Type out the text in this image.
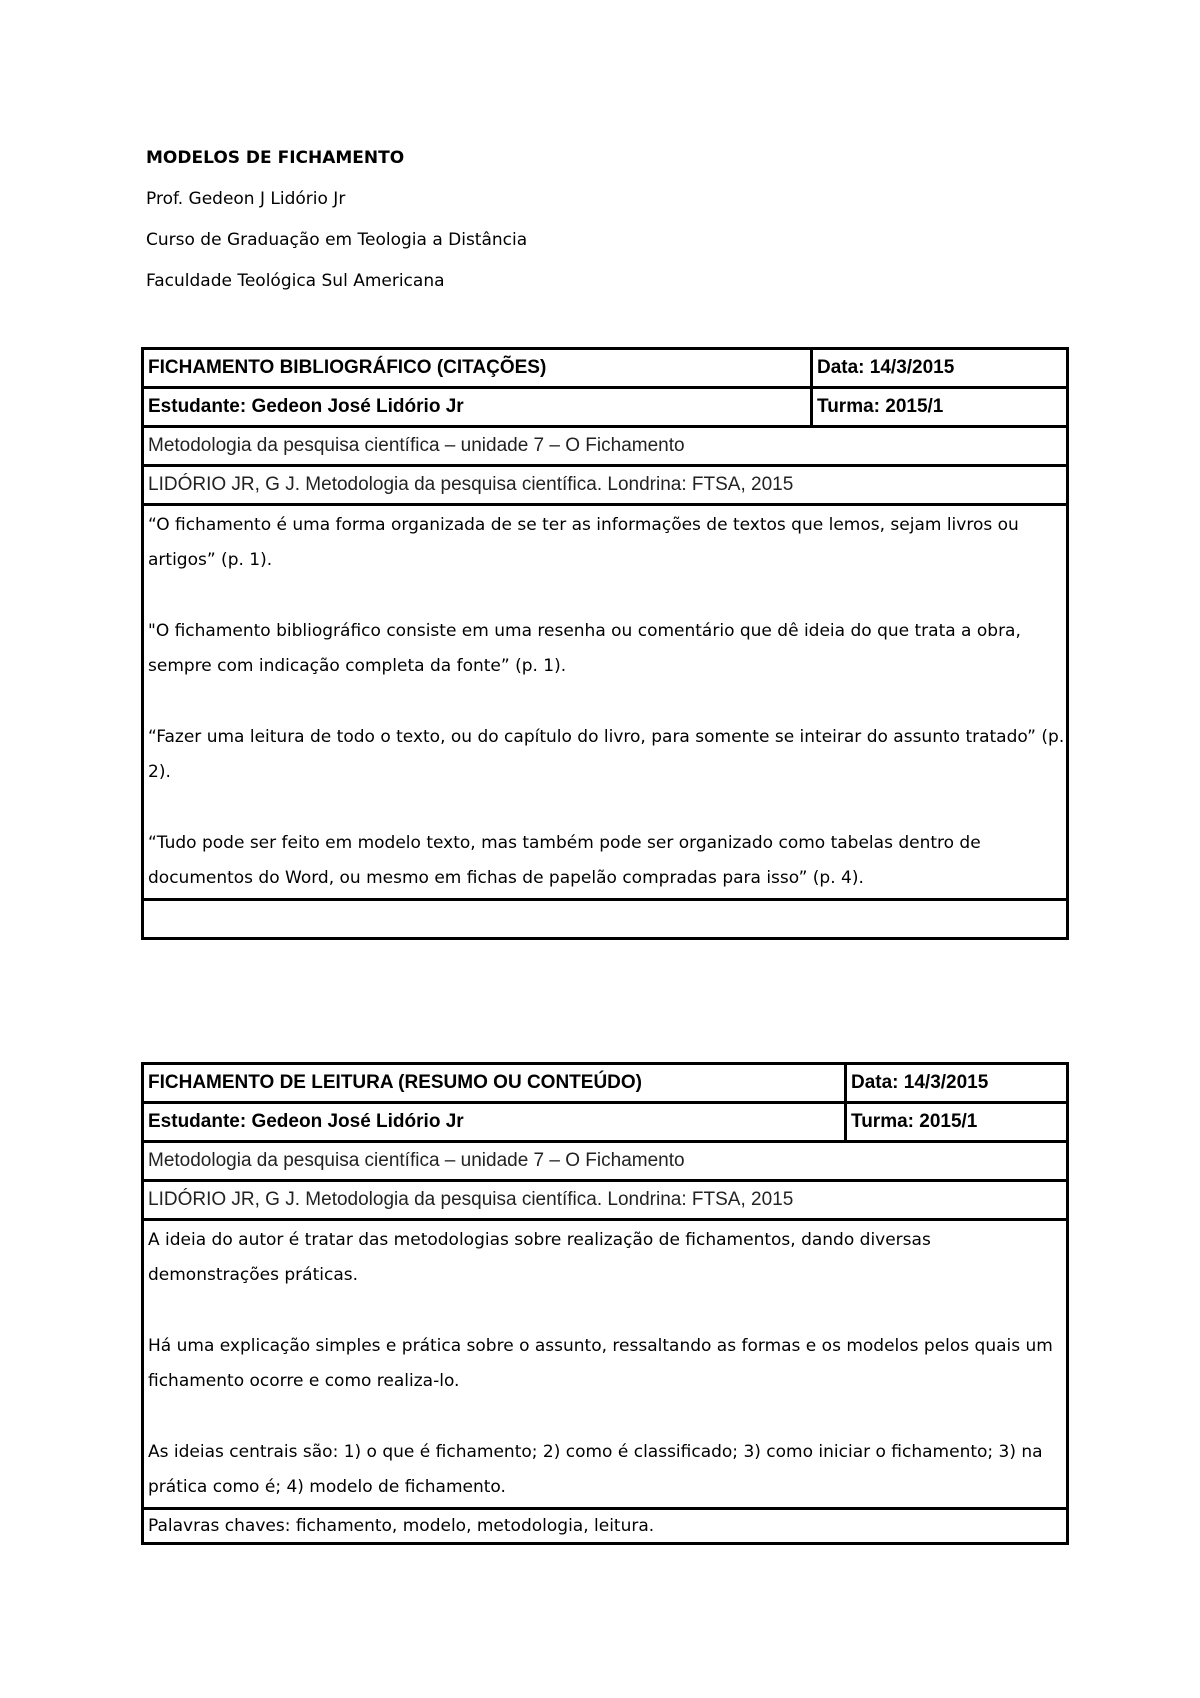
MODELOS DE FICHAMENTO
Prof. Gedeon J Lidório Jr
Curso de Graduação em Teologia a Distância
Faculdade Teológica Sul Americana
FICHAMENTO BIBLIOGRÁFICO (CITAÇÕES)	Data: 14/3/2015
Estudante: Gedeon José Lidório Jr	Turma: 2015/1
Metodologia da pesquisa científica – unidade 7 – O Fichamento	
LIDÓRIO JR, G J. Metodologia da pesquisa científica. Londrina: FTSA, 2015	

“O fichamento é uma forma organizada de se ter as informações de textos que lemos, sejam livros ou artigos” (p. 1).
"O fichamento bibliográfico consiste em uma resenha ou comentário que dê ideia do que trata a obra, sempre com indicação completa da fonte” (p. 1).
“Fazer uma leitura de todo o texto, ou do capítulo do livro, para somente se inteirar do assunto tratado” (p. 2).
“Tudo pode ser feito em modelo texto, mas também pode ser organizado como tabelas dentro de documentos do Word, ou mesmo em fichas de papelão compradas para isso” (p. 4).	

FICHAMENTO DE LEITURA (RESUMO OU CONTEÚDO)	Data: 14/3/2015
Estudante: Gedeon José Lidório Jr	Turma: 2015/1
Metodologia da pesquisa científica – unidade 7 – O Fichamento	
LIDÓRIO JR, G J. Metodologia da pesquisa científica. Londrina: FTSA, 2015	

A ideia do autor é tratar das metodologias sobre realização de fichamentos, dando diversas demonstrações práticas.
Há uma explicação simples e prática sobre o assunto, ressaltando as formas e os modelos pelos quais um fichamento ocorre e como realiza-lo.
As ideias centrais são: 1) o que é fichamento; 2) como é classificado; 3) como iniciar o fichamento; 3) na prática como é; 4) modelo de fichamento.	

Palavras chaves: fichamento, modelo, metodologia, leitura.	
